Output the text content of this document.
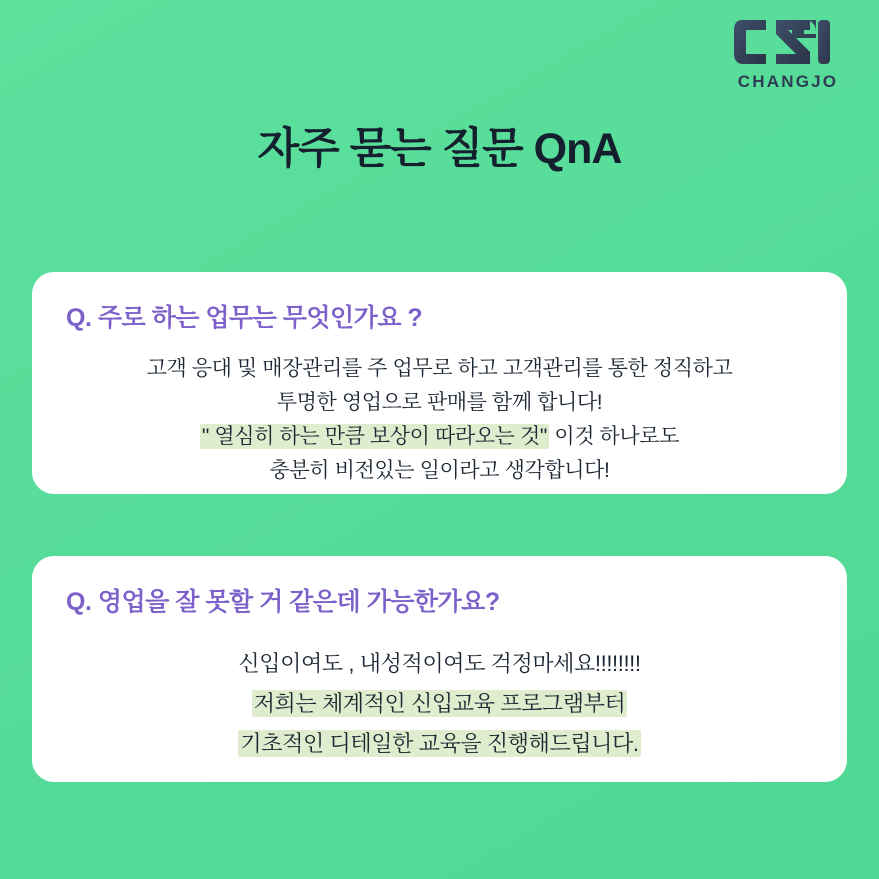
CHANGJO
자주 묻는 질문 QnA

Q. 주로 하는 업무는 무엇인가요 ?

고객 응대 및 매장관리를 주 업무로 하고 고객관리를 통한 정직하고
투명한 영업으로 판매를 함께 합니다!
" 열심히 하는 만큼 보상이 따라오는 것" 이것 하나로도
충분히 비전있는 일이라고 생각합니다!

Q. 영업을 잘 못할 거 같은데 가능한가요?

신입이여도 , 내성적이여도 걱정마세요!!!!!!!!
저희는 체계적인 신입교육 프로그램부터
기초적인 디테일한 교육을 진행해드립니다.
